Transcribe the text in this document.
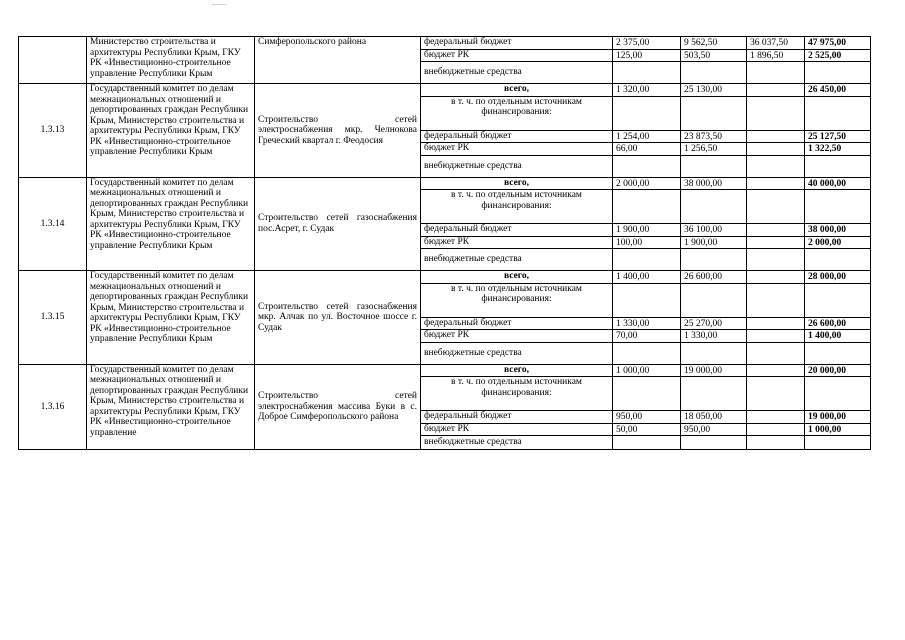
	Министерство строительства и архитектуры Республики Крым, ГКУ РК «Инвестиционно-строительное управление Республики Крым	Симферопольского района	федеральный бюджет	2 375,00	9 562,50	36 037,50	47 975,00
			бюджет РК	125,00	503,50	1 896,50	2 525,00
			внебюджетные средства				
1.3.13	Государственный комитет по делам межнациональных отношений и депортированных граждан Республики Крым, Министерство строительства и архитектуры Республики Крым, ГКУ РК «Инвестиционно-строительное управление Республики Крым	Строительство сетей электроснабжения мкр. Челнокова Греческий квартал г. Феодосия	всего,	1 320,00	25 130,00		26 450,00
			в т. ч. по отдельным источникам финансирования:				
			федеральный бюджет	1 254,00	23 873,50		25 127,50
			бюджет РК	66,00	1 256,50		1 322,50
			внебюджетные средства				
1.3.14	Государственный комитет по делам межнациональных отношений и депортированных граждан Республики Крым, Министерство строительства и архитектуры Республики Крым, ГКУ РК «Инвестиционно-строительное управление Республики Крым	Строительство сетей газоснабжения пос.Асрет, г. Судак	всего,	2 000,00	38 000,00		40 000,00
			в т. ч. по отдельным источникам финансирования:				
			федеральный бюджет	1 900,00	36 100,00		38 000,00
			бюджет РК	100,00	1 900,00		2 000,00
			внебюджетные средства				
1.3.15	Государственный комитет по делам межнациональных отношений и депортированных граждан Республики Крым, Министерство строительства и архитектуры Республики Крым, ГКУ РК «Инвестиционно-строительное управление Республики Крым	Строительство сетей газоснабжения мкр. Алчак по ул. Восточное шоссе г. Судак	всего,	1 400,00	26 600,00		28 000,00
			в т. ч. по отдельным источникам финансирования:				
			федеральный бюджет	1 330,00	25 270,00		26 600,00
			бюджет РК	70,00	1 330,00		1 400,00
			внебюджетные средства				
1.3.16	Государственный комитет по делам межнациональных отношений и депортированных граждан Республики Крым, Министерство строительства и архитектуры Республики Крым, ГКУ РК «Инвестиционно-строительное управление	Строительство сетей электроснабжения массива Буки в с. Доброе Симферопольского района	всего,	1 000,00	19 000,00		20 000,00
			в т. ч. по отдельным источникам финансирования:				
			федеральный бюджет	950,00	18 050,00		19 000,00
			бюджет РК	50,00	950,00		1 000,00
			внебюджетные средства				
